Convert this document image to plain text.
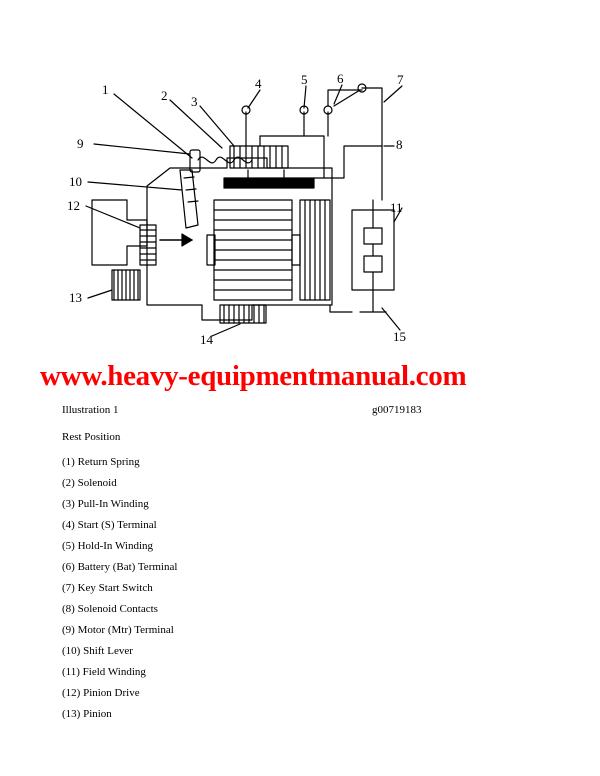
1	2 3
4	5 6	7
8
9
10
11
12
13
14	15
www.heavy-equipmentmanual.com
Illustration 1	g00719183
Rest Position
(1) Return Spring
(2) Solenoid
(3) Pull-In Winding
(4) Start (S) Terminal
(5) Hold-In Winding
(6) Battery (Bat) Terminal
(7) Key Start Switch
(8) Solenoid Contacts
(9) Motor (Mtr) Terminal
(10) Shift Lever
(11) Field Winding
(12) Pinion Drive
(13) Pinion
